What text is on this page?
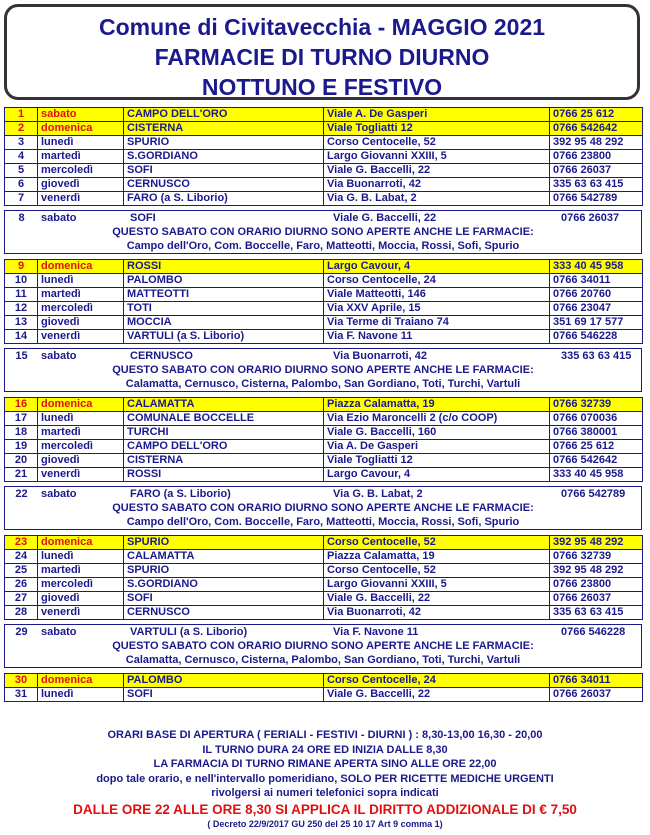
Comune di Civitavecchia - MAGGIO 2021
FARMACIE DI TURNO DIURNO
NOTTUNO E FESTIVO
1	sabato	CAMPO DELL'ORO	Viale A. De Gasperi	0766 25 612
2	domenica	CISTERNA	Viale Togliatti 12	0766 542642
3	lunedì	SPURIO	Corso Centocelle, 52	392 95 48 292
4	martedì	S.GORDIANO	Largo Giovanni XXIII, 5	0766 23800
5	mercoledì	SOFI	Viale G. Baccelli, 22	0766 26037
6	giovedì	CERNUSCO	Via Buonarroti, 42	335 63 63 415
7	venerdì	FARO (a S. Liborio)	Via G. B. Labat, 2	0766 542789
8	sabato	SOFI	Viale G. Baccelli, 22	0766 26037
QUESTO SABATO CON ORARIO DIURNO SONO APERTE ANCHE LE FARMACIE:
Campo dell'Oro, Com. Boccelle, Faro, Matteotti, Moccia, Rossi, Sofi, Spurio
9	domenica	ROSSI	Largo Cavour, 4	333 40 45 958
10	lunedì	PALOMBO	Corso Centocelle, 24	0766 34011
11	martedì	MATTEOTTI	Viale Matteotti, 146	0766 20760
12	mercoledì	TOTI	Via XXV Aprile, 15	0766 23047
13	giovedì	MOCCIA	Via Terme di Traiano 74	351 69 17 577
14	venerdì	VARTULI (a S. Liborio)	Via F. Navone 11	0766 546228
15	sabato	CERNUSCO	Via Buonarroti, 42	335 63 63 415
QUESTO SABATO CON ORARIO DIURNO SONO APERTE ANCHE LE FARMACIE:
Calamatta, Cernusco, Cisterna, Palombo, San Gordiano, Toti, Turchi, Vartuli
16	domenica	CALAMATTA	Piazza Calamatta, 19	0766 32739
17	lunedì	COMUNALE BOCCELLE	Via Ezio Maroncelli 2 (c/o COOP)	0766 070036
18	martedì	TURCHI	Viale G. Baccelli, 160	0766 380001
19	mercoledì	CAMPO DELL'ORO	Via A. De Gasperi	0766 25 612
20	giovedì	CISTERNA	Viale Togliatti 12	0766 542642
21	venerdì	ROSSI	Largo Cavour, 4	333 40 45 958
22	sabato	FARO (a S. Liborio)	Via G. B. Labat, 2	0766 542789
QUESTO SABATO CON ORARIO DIURNO SONO APERTE ANCHE LE FARMACIE:
Campo dell'Oro, Com. Boccelle, Faro, Matteotti, Moccia, Rossi, Sofi, Spurio
23	domenica	SPURIO	Corso Centocelle, 52	392 95 48 292
24	lunedì	CALAMATTA	Piazza Calamatta, 19	0766 32739
25	martedì	SPURIO	Corso Centocelle, 52	392 95 48 292
26	mercoledì	S.GORDIANO	Largo Giovanni XXIII, 5	0766 23800
27	giovedì	SOFI	Viale G. Baccelli, 22	0766 26037
28	venerdì	CERNUSCO	Via Buonarroti, 42	335 63 63 415
29	sabato	VARTULI (a S. Liborio)	Via F. Navone 11	0766 546228
QUESTO SABATO CON ORARIO DIURNO SONO APERTE ANCHE LE FARMACIE:
Calamatta, Cernusco, Cisterna, Palombo, San Gordiano, Toti, Turchi, Vartuli
30	domenica	PALOMBO	Corso Centocelle, 24	0766 34011
31	lunedì	SOFI	Viale G. Baccelli, 22	0766 26037
ORARI BASE DI APERTURA ( FERIALI - FESTIVI - DIURNI ) : 8,30-13,00 16,30 - 20,00
IL TURNO DURA 24 ORE ED INIZIA DALLE 8,30
LA FARMACIA DI TURNO RIMANE APERTA SINO ALLE ORE 22,00
dopo tale orario, e nell'intervallo pomeridiano, SOLO PER RICETTE MEDICHE URGENTI
rivolgersi ai numeri telefonici sopra indicati
DALLE ORE 22 ALLE ORE 8,30 SI APPLICA IL DIRITTO ADDIZIONALE DI € 7,50
( Decreto 22/9/2017 GU 250 del 25 10 17 Art 9 comma 1)
